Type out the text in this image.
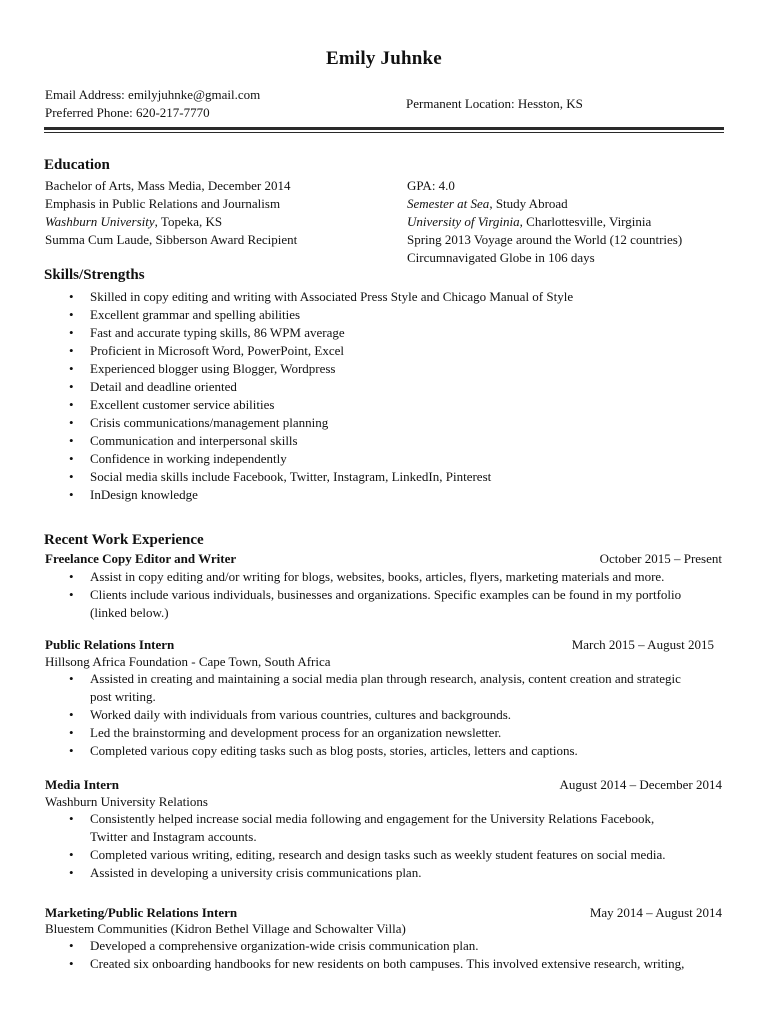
Emily Juhnke
Email Address: emilyjuhnke@gmail.com
Preferred Phone: 620-217-7770
Permanent Location: Hesston, KS
Education
Bachelor of Arts, Mass Media, December 2014
Emphasis in Public Relations and Journalism
Washburn University, Topeka, KS
Summa Cum Laude, Sibberson Award Recipient
GPA: 4.0
Semester at Sea, Study Abroad
University of Virginia, Charlottesville, Virginia
Spring 2013 Voyage around the World (12 countries)
Circumnavigated Globe in 106 days
Skills/Strengths
• Skilled in copy editing and writing with Associated Press Style and Chicago Manual of Style
• Excellent grammar and spelling abilities
• Fast and accurate typing skills, 86 WPM average
• Proficient in Microsoft Word, PowerPoint, Excel
• Experienced blogger using Blogger, Wordpress
• Detail and deadline oriented
• Excellent customer service abilities
• Crisis communications/management planning
• Communication and interpersonal skills
• Confidence in working independently
• Social media skills include Facebook, Twitter, Instagram, LinkedIn, Pinterest
• InDesign knowledge
Recent Work Experience
Freelance Copy Editor and Writer	October 2015 – Present
• Assist in copy editing and/or writing for blogs, websites, books, articles, flyers, marketing materials and more.
• Clients include various individuals, businesses and organizations. Specific examples can be found in my portfolio
(linked below.)
Public Relations Intern	March 2015 – August 2015
Hillsong Africa Foundation - Cape Town, South Africa
• Assisted in creating and maintaining a social media plan through research, analysis, content creation and strategic
post writing.
• Worked daily with individuals from various countries, cultures and backgrounds.
• Led the brainstorming and development process for an organization newsletter.
• Completed various copy editing tasks such as blog posts, stories, articles, letters and captions.
Media Intern	August 2014 – December 2014
Washburn University Relations
• Consistently helped increase social media following and engagement for the University Relations Facebook,
Twitter and Instagram accounts.
• Completed various writing, editing, research and design tasks such as weekly student features on social media.
• Assisted in developing a university crisis communications plan.
Marketing/Public Relations Intern	May 2014 – August 2014
Bluestem Communities (Kidron Bethel Village and Schowalter Villa)
• Developed a comprehensive organization-wide crisis communication plan.
• Created six onboarding handbooks for new residents on both campuses. This involved extensive research, writing,
